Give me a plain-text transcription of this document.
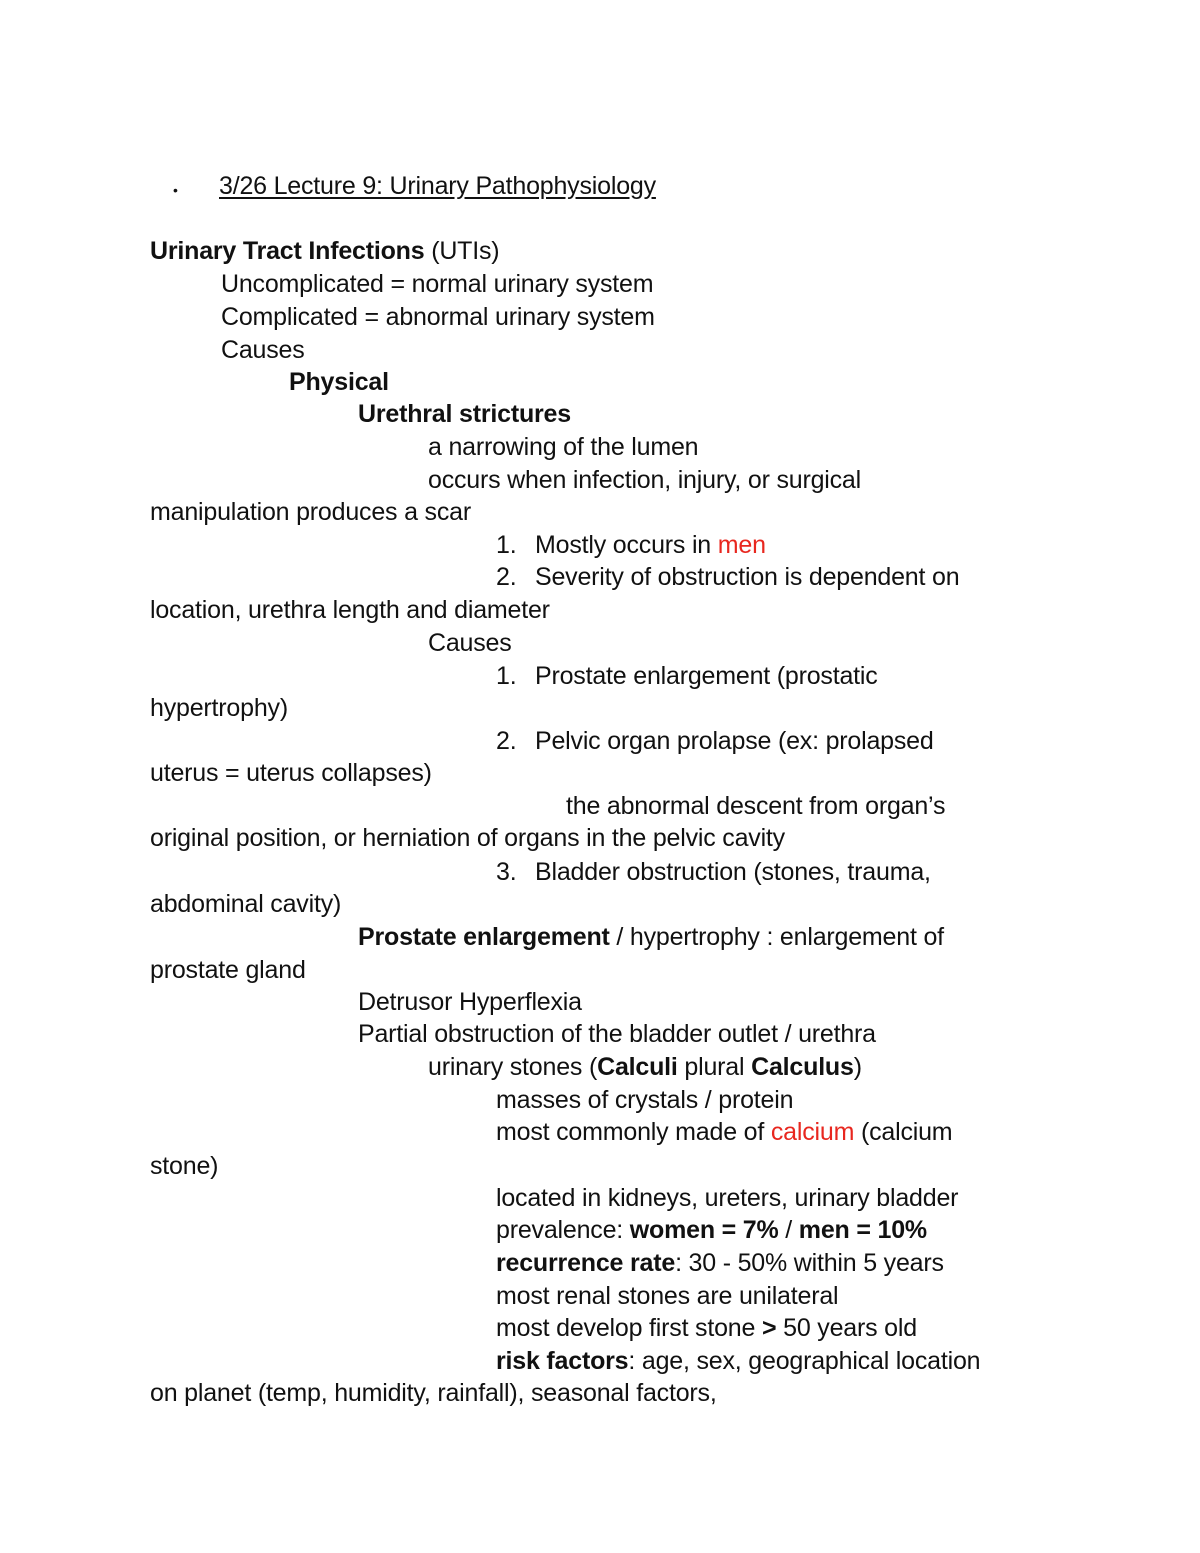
• 3/26 Lecture 9: Urinary Pathophysiology
Urinary Tract Infections (UTIs)
Uncomplicated = normal urinary system
Complicated = abnormal urinary system
Causes
Physical
Urethral strictures
a narrowing of the lumen
occurs when infection, injury, or surgical
manipulation produces a scar
1. Mostly occurs in men
2. Severity of obstruction is dependent on
location, urethra length and diameter
Causes
1. Prostate enlargement (prostatic
hypertrophy)
2. Pelvic organ prolapse (ex: prolapsed
uterus = uterus collapses)
the abnormal descent from organ’s
original position, or herniation of organs in the pelvic cavity
3. Bladder obstruction (stones, trauma,
abdominal cavity)
Prostate enlargement / hypertrophy : enlargement of
prostate gland
Detrusor Hyperflexia
Partial obstruction of the bladder outlet / urethra
urinary stones (Calculi plural Calculus)
masses of crystals / protein
most commonly made of calcium (calcium
stone)
located in kidneys, ureters, urinary bladder
prevalence: women = 7% / men = 10%
recurrence rate: 30 - 50% within 5 years
most renal stones are unilateral
most develop first stone > 50 years old
risk factors: age, sex, geographical location
on planet (temp, humidity, rainfall), seasonal factors,
